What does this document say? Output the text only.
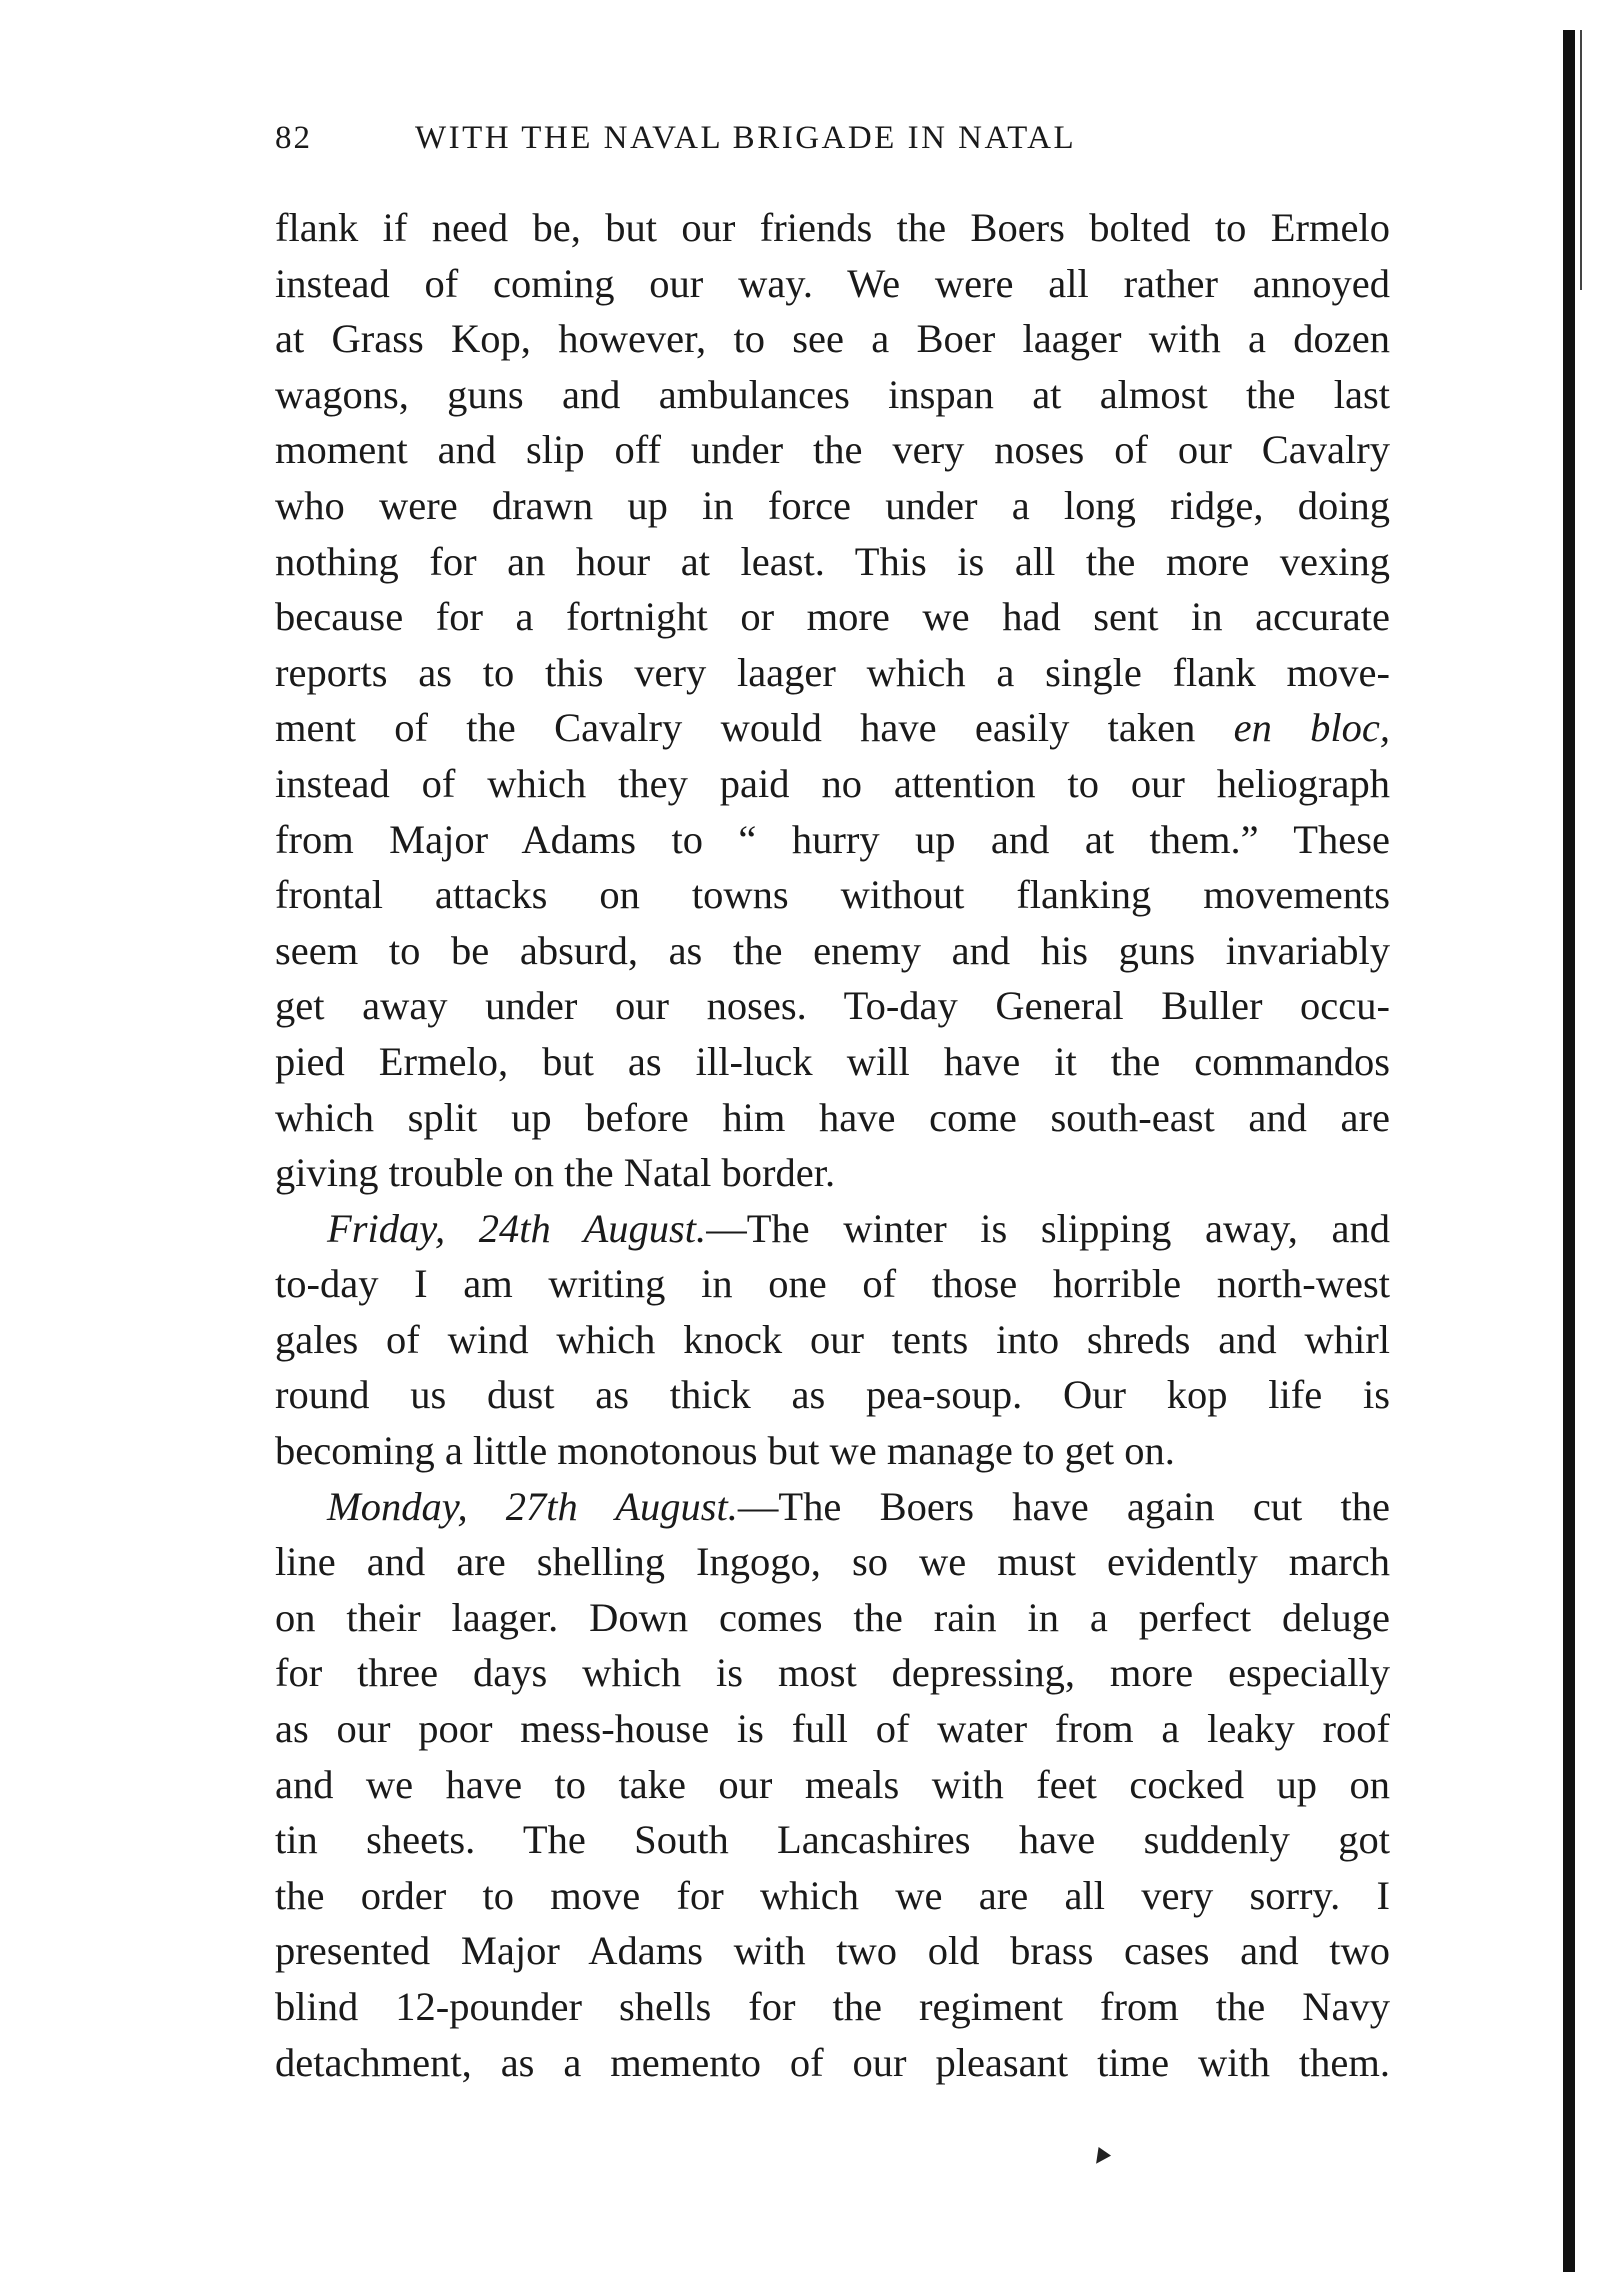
82	WITH THE NAVAL BRIGADE IN NATAL
flank if need be, but our friends the Boers bolted to Ermelo
instead of coming our way. We were all rather annoyed
at Grass Kop, however, to see a Boer laager with a dozen
wagons, guns and ambulances inspan at almost the last
moment and slip off under the very noses of our Cavalry
who were drawn up in force under a long ridge, doing
nothing for an hour at least. This is all the more vexing
because for a fortnight or more we had sent in accurate
reports as to this very laager which a single flank move-
ment of the Cavalry would have easily taken en bloc,
instead of which they paid no attention to our heliograph
from Major Adams to “ hurry up and at them.” These
frontal attacks on towns without flanking movements
seem to be absurd, as the enemy and his guns invariably
get away under our noses. To-day General Buller occu-
pied Ermelo, but as ill-luck will have it the commandos
which split up before him have come south-east and are
giving trouble on the Natal border.
Friday, 24th August.—The winter is slipping away, and
to-day I am writing in one of those horrible north-west
gales of wind which knock our tents into shreds and whirl
round us dust as thick as pea-soup. Our kop life is
becoming a little monotonous but we manage to get on.
Monday, 27th August.—The Boers have again cut the
line and are shelling Ingogo, so we must evidently march
on their laager. Down comes the rain in a perfect deluge
for three days which is most depressing, more especially
as our poor mess-house is full of water from a leaky roof
and we have to take our meals with feet cocked up on
tin sheets. The South Lancashires have suddenly got
the order to move for which we are all very sorry. I
presented Major Adams with two old brass cases and two
blind 12-pounder shells for the regiment from the Navy
detachment, as a memento of our pleasant time with them.
▼
